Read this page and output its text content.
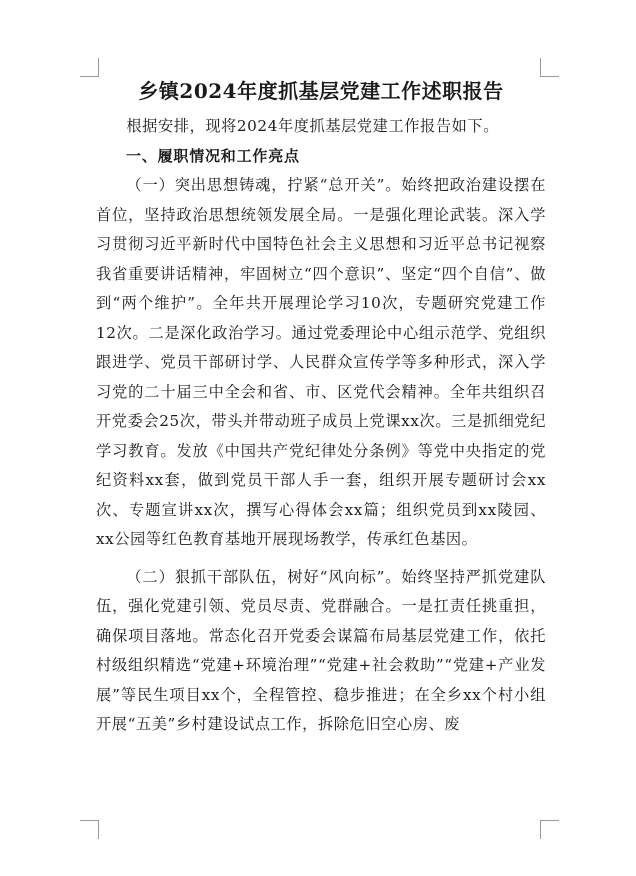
乡镇2024年度抓基层党建工作述职报告

根据安排，现将2024年度抓基层党建工作报告如下。

一、履职情况和工作亮点

（一）突出思想铸魂，拧紧“总开关”。始终把政治建设摆在首位，坚持政治思想统领发展全局。一是强化理论武装。深入学习贯彻习近平新时代中国特色社会主义思想和习近平总书记视察我省重要讲话精神，牢固树立“四个意识”、坚定“四个自信”、做到“两个维护”。全年共开展理论学习10次，专题研究党建工作12次。二是深化政治学习。通过党委理论中心组示范学、党组织跟进学、党员干部研讨学、人民群众宣传学等多种形式，深入学习党的二十届三中全会和省、市、区党代会精神。全年共组织召开党委会25次，带头并带动班子成员上党课xx次。三是抓细党纪学习教育。发放《中国共产党纪律处分条例》等党中央指定的党纪资料xx套，做到党员干部人手一套，组织开展专题研讨会xx次、专题宣讲xx次，撰写心得体会xx篇；组织党员到xx陵园、xx公园等红色教育基地开展现场教学，传承红色基因。

（二）狠抓干部队伍，树好“风向标”。始终坚持严抓党建队伍，强化党建引领、党员尽责、党群融合。一是扛责任挑重担，确保项目落地。常态化召开党委会谋篇布局基层党建工作，依托村级组织精选“党建+环境治理”“党建+社会救助”“党建+产业发展”等民生项目xx个，全程管控、稳步推进；在全乡xx个村小组开展“五美”乡村建设试点工作，拆除危旧空心房、废
